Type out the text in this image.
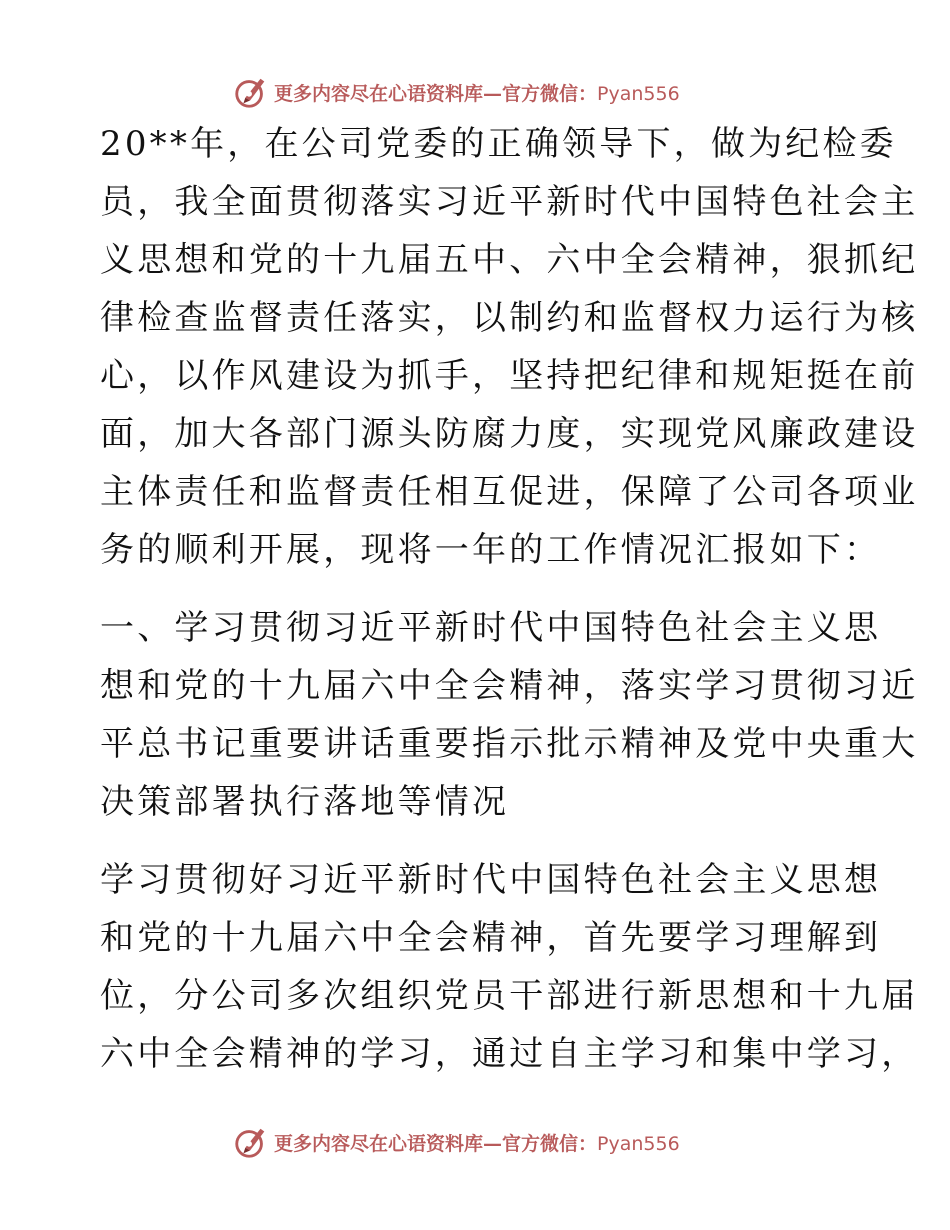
更多内容尽在心语资料库—官方微信：Pyan556
20**年，在公司党委的正确领导下，做为纪检委
员，我全面贯彻落实习近平新时代中国特色社会主
义思想和党的十九届五中、六中全会精神，狠抓纪
律检查监督责任落实，以制约和监督权力运行为核
心，以作风建设为抓手，坚持把纪律和规矩挺在前
面，加大各部门源头防腐力度，实现党风廉政建设
主体责任和监督责任相互促进，保障了公司各项业
务的顺利开展，现将一年的工作情况汇报如下：
一、学习贯彻习近平新时代中国特色社会主义思
想和党的十九届六中全会精神，落实学习贯彻习近
平总书记重要讲话重要指示批示精神及党中央重大
决策部署执行落地等情况
学习贯彻好习近平新时代中国特色社会主义思想
和党的十九届六中全会精神，首先要学习理解到
位，分公司多次组织党员干部进行新思想和十九届
六中全会精神的学习，通过自主学习和集中学习，
更多内容尽在心语资料库—官方微信：Pyan556
